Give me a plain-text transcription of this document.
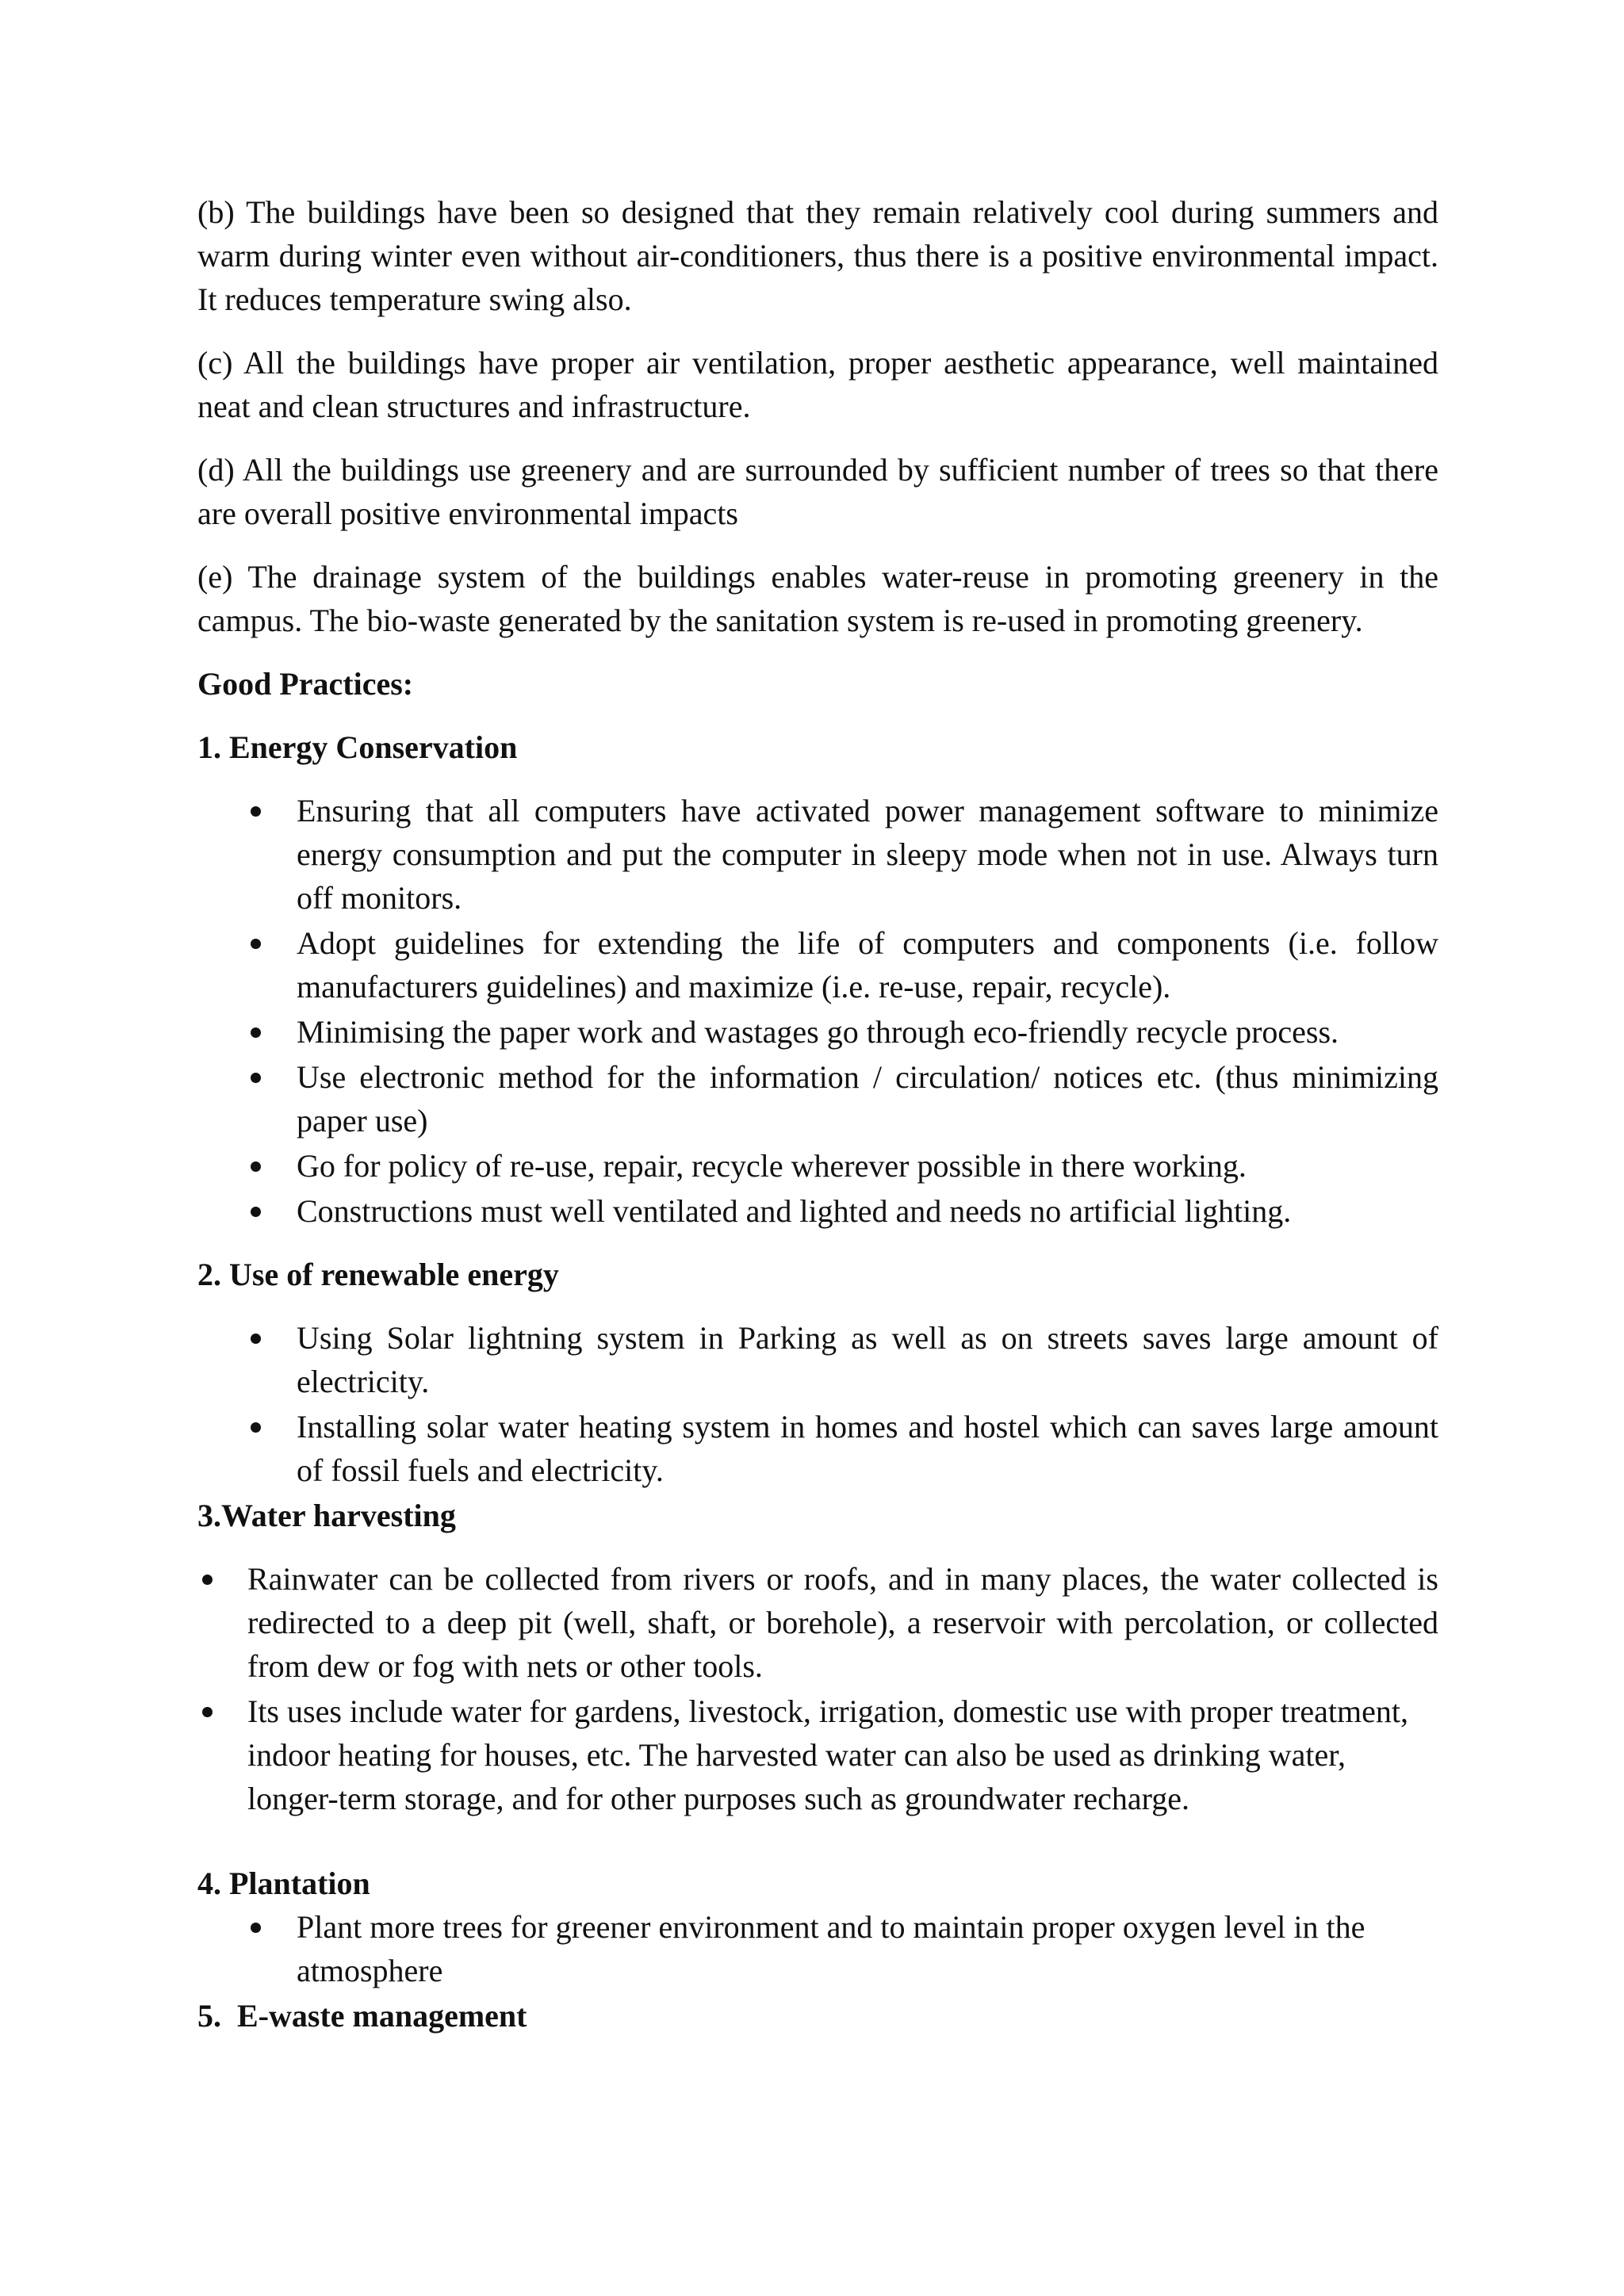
(b) The buildings have been so designed that they remain relatively cool during summers and warm during winter even without air-conditioners, thus there is a positive environmental impact. It reduces temperature swing also.

(c) All the buildings have proper air ventilation, proper aesthetic appearance, well maintained neat and clean structures and infrastructure.

(d) All the buildings use greenery and are surrounded by sufficient number of trees so that there are overall positive environmental impacts

(e) The drainage system of the buildings enables water-reuse in promoting greenery in the campus. The bio-waste generated by the sanitation system is re-used in promoting greenery.

Good Practices:
1. Energy Conservation
Ensuring that all computers have activated power management software to minimize energy consumption and put the computer in sleepy mode when not in use. Always turn off monitors.
Adopt guidelines for extending the life of computers and components (i.e. follow manufacturers guidelines) and maximize (i.e. re-use, repair, recycle).
Minimising the paper work and wastages go through eco-friendly recycle process.
Use electronic method for the information / circulation/ notices etc. (thus minimizing paper use)
Go for policy of re-use, repair, recycle wherever possible in there working.
Constructions must well ventilated and lighted and needs no artificial lighting.
2. Use of renewable energy
Using Solar lightning system in Parking as well as on streets saves large amount of electricity.
Installing solar water heating system in homes and hostel which can saves large amount of fossil fuels and electricity.
3.Water harvesting
Rainwater can be collected from rivers or roofs, and in many places, the water collected is redirected to a deep pit (well, shaft, or borehole), a reservoir with percolation, or collected from dew or fog with nets or other tools.
Its uses include water for gardens, livestock, irrigation, domestic use with proper treatment, indoor heating for houses, etc. The harvested water can also be used as drinking water, longer-term storage, and for other purposes such as groundwater recharge.
4. Plantation
Plant more trees for greener environment and to maintain proper oxygen level in the atmosphere
5.  E-waste management
